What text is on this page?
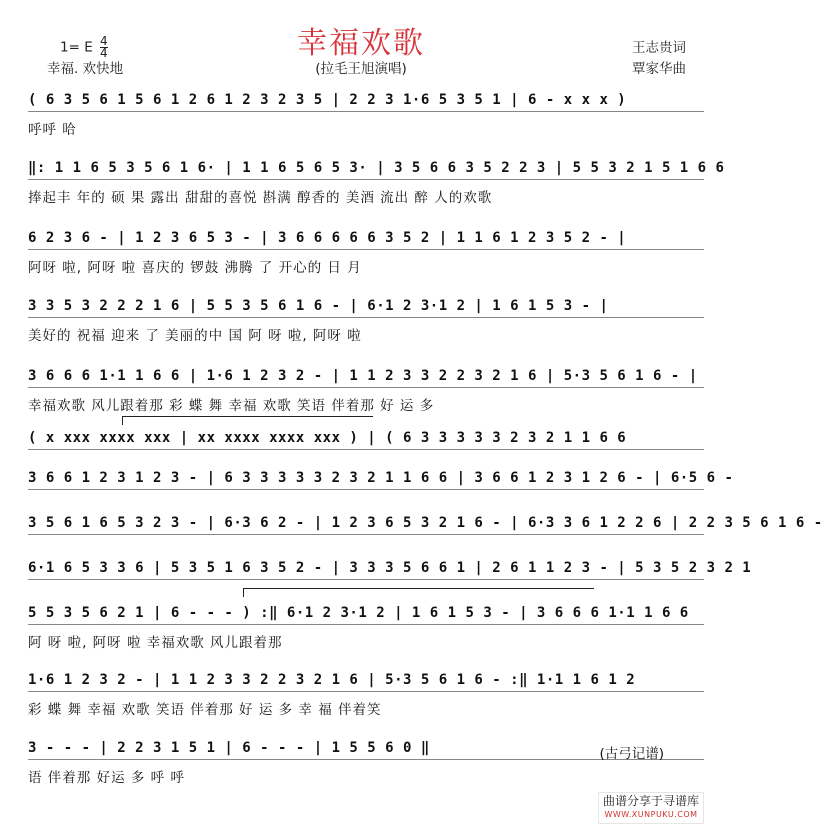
幸福欢歌
1= E $\frac{4}{4}$
幸福. 欢快地	(拉毛王旭演唱)
王志贵词
覃家华曲
( 6 3 5 6 1 5 6 1 2 6 1 2 3 2 3 5 | 2 2 3 1·6 5 3 5 1 | 6 - x x x )
呼呼 哈
‖: 1 1 6 5 3 5 6 1 6· | 1 1 6 5 6 5 3· | 3 5 6 6 3 5 2 2 3 | 5 5 3 2 1 5 1 6 6
捧起丰 年的 硕 果 露出 甜甜的喜悦 斟满 醇香的 美酒 流出 醉 人的欢歌
6 2 3 6 - | 1 2 3 6 5 3 - | 3 6 6 6 6 6 3 5 2 | 1 1 6 1 2 3 5 2 - |
阿呀 啦, 阿呀 啦 喜庆的 锣鼓 沸腾 了 开心的 日 月
3 3 5 3 2 2 2 1 6 | 5 5 3 5 6 1 6 - | 6·1 2 3·1 2 | 1 6 1 5 3 - |
美好的 祝福 迎来 了 美丽的中 国 阿 呀 啦, 阿呀 啦
3 6 6 6 1·1 1 6 6 | 1·6 1 2 3 2 - | 1 1 2 3 3 2 2 3 2 1 6 | 5·3 5 6 1 6 - |
幸福欢歌 风儿跟着那 彩 蝶 舞 幸福 欢歌 笑语 伴着那 好 运 多
( x xxx xxxx xxx | xx xxxx xxxx xxx ) | ( 6 3 3 3 3 3 2 3 2 1 1 6 6
3 6 6 1 2 3 1 2 3 - | 6 3 3 3 3 3 2 3 2 1 1 6 6 | 3 6 6 1 2 3 1 2 6 - | 6·5 6 -
3 5 6 1 6 5 3 2 3 - | 6·3 6 2 - | 1 2 3 6 5 3 2 1 6 - | 6·3 3 6 1 2 2 6 | 2 2 3 5 6 1 6 -
6·1 6 5 3 3 6 | 5 3 5 1 6 3 5 2 - | 3 3 3 5 6 6 1 | 2 6 1 1 2 3 - | 5 3 5 2 3 2 1
5 5 3 5 6 2 1 | 6 - - - ) :‖ 6·1 2 3·1 2 | 1 6 1 5 3 - | 3 6 6 6 1·1 1 6 6
阿 呀 啦, 阿呀 啦 幸福欢歌 风儿跟着那
1·6 1 2 3 2 - | 1 1 2 3 3 2 2 3 2 1 6 | 5·3 5 6 1 6 - :‖ 1·1 1 6 1 2
彩 蝶 舞 幸福 欢歌 笑语 伴着那 好 运 多 幸 福 伴着笑
3 - - - | 2 2 3 1 5 1 | 6 - - - | 1 5 5 6 0 ‖
语 伴着那 好运 多 呼 呼
(古弓记谱)
曲谱分享于寻谱库
WWW.XUNPUKU.COM
